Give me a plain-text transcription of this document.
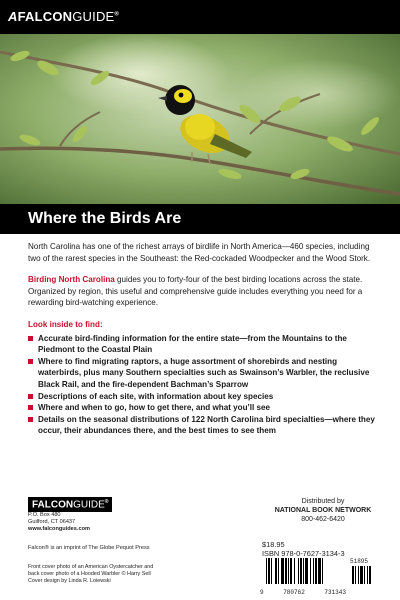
AFALCONGUIDE®
Where the Birds Are

North Carolina has one of the richest arrays of birdlife in North America—460 species, including two of the rarest species in the Southeast: the Red-cockaded Woodpecker and the Wood Stork.

Birding North Carolina guides you to forty-four of the best birding locations across the state. Organized by region, this useful and comprehensive guide includes everything you need for a rewarding bird-watching experience.

Look inside to find:
Accurate bird-finding information for the entire state—from the Mountains to the Piedmont to the Coastal Plain
Where to find migrating raptors, a huge assortment of shorebirds and nesting waterbirds, plus many Southern specialties such as Swainson’s Warbler, the reclusive Black Rail, and the fire-dependent Bachman’s Sparrow
Descriptions of each site, with information about key species
Where and when to go, how to get there, and what you’ll see
Details on the seasonal distributions of 122 North Carolina bird specialties—where they occur, their abundances there, and the best times to see them
FALCONGUIDE®
P.O. Box 480
Guilford, CT 06437
www.falconguides.com
Falcon® is an imprint of The Globe Pequot Press
Front cover photo of an American Oystercatcher and
back cover photo of a Hooded Warbler © Harry Sell
Cover design by Linda R. Loiewski
Distributed by
NATIONAL BOOK NETWORK
800-462-6420
$18.95
ISBN 978-0-7627-3134-3
51895
9	780762	731343
